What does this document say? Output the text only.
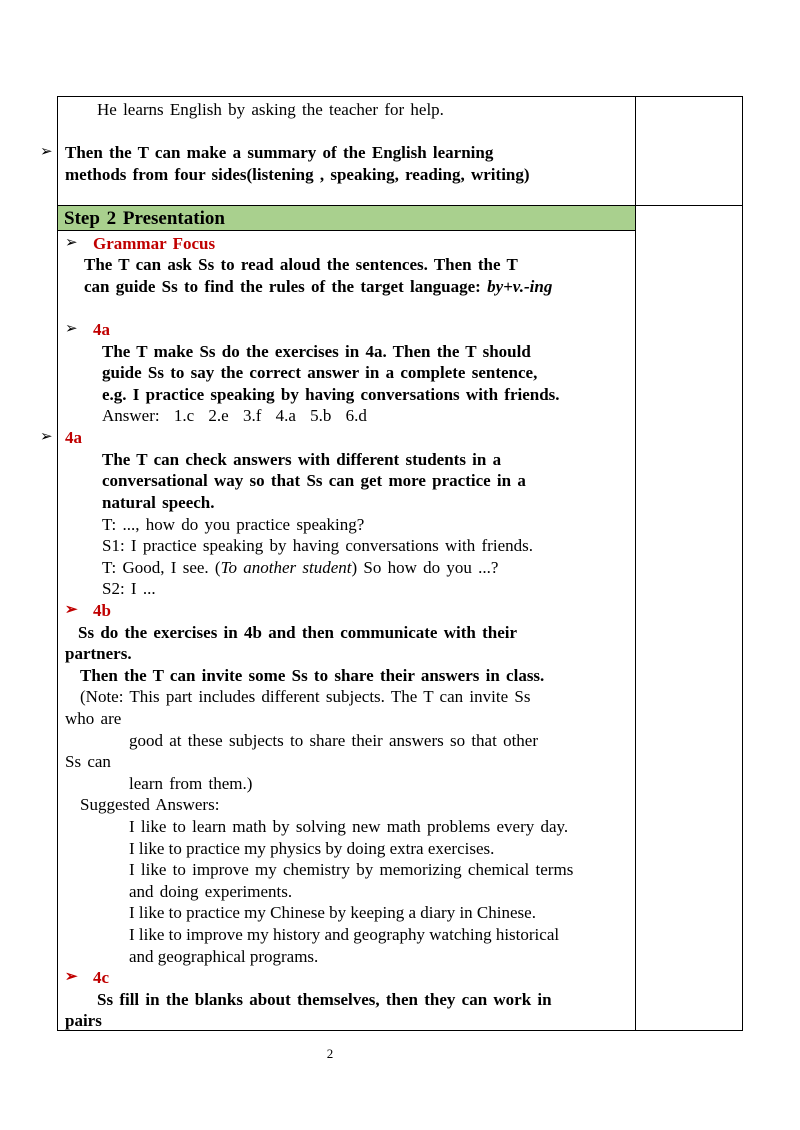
He learns English by asking the teacher for help.
➢ Then the T can make a summary of the English learning
methods from four sides(listening , speaking, reading, writing)
Step 2 Presentation
➢ Grammar Focus
The T can ask Ss to read aloud the sentences. Then the T
can guide Ss to find the rules of the target language: by+v.-ing
➢ 4a
The T make Ss do the exercises in 4a. Then the T should
guide Ss to say the correct answer in a complete sentence,
e.g. I practice speaking by having conversations with friends.
Answer: 1.c 2.e 3.f 4.a 5.b 6.d
➢ 4a
The T can check answers with different students in a
conversational way so that Ss can get more practice in a
natural speech.
T: ..., how do you practice speaking?
S1: I practice speaking by having conversations with friends.
T: Good, I see. (To another student) So how do you ...?
S2: I ...
➢ 4b
Ss do the exercises in 4b and then communicate with their
partners.
Then the T can invite some Ss to share their answers in class.
(Note: This part includes different subjects. The T can invite Ss
who are
good at these subjects to share their answers so that other
Ss can
learn from them.)
Suggested Answers:
I like to learn math by solving new math problems every day.
I like to practice my physics by doing extra exercises.
I like to improve my chemistry by memorizing chemical terms
and doing experiments.
I like to practice my Chinese by keeping a diary in Chinese.
I like to improve my history and geography watching historical
and geographical programs.
➢ 4c
Ss fill in the blanks about themselves, then they can work in
pairs
2
